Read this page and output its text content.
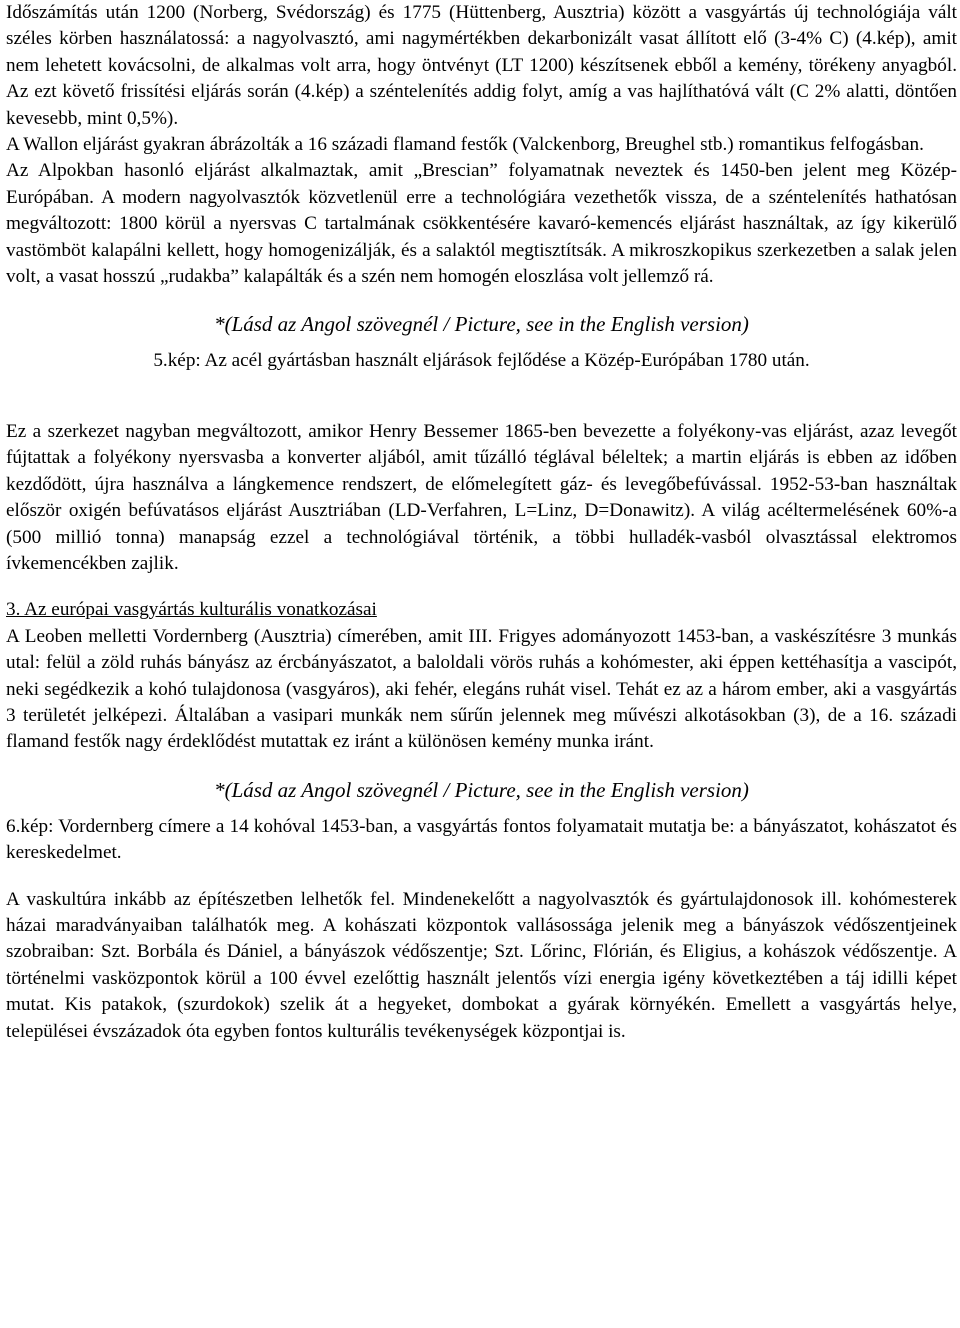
Időszámítás után 1200 (Norberg, Svédország) és 1775 (Hüttenberg, Ausztria) között a vasgyártás új technológiája vált széles körben használatossá: a nagyolvasztó, ami nagymértékben dekarbonizált vasat állított elő (3-4% C) (4.kép), amit nem lehetett kovácsolni, de alkalmas volt arra, hogy öntvényt (LT 1200) készítsenek ebből a kemény, törékeny anyagból. Az ezt követő frissítési eljárás során (4.kép) a széntelenítés addig folyt, amíg a vas hajlíthatóvá vált (C 2% alatti, döntően kevesebb, mint 0,5%).

A Wallon eljárást gyakran ábrázolták a 16 századi flamand festők (Valckenborg, Breughel stb.) romantikus felfogásban.

Az Alpokban hasonló eljárást alkalmaztak, amit „Brescian” folyamatnak neveztek és 1450-ben jelent meg Közép-Európában. A modern nagyolvasztók közvetlenül erre a technológiára vezethetők vissza, de a széntelenítés hathatósan megváltozott: 1800 körül a nyersvas C tartalmának csökkentésére kavaró-kemencés eljárást használtak, az így kikerülő vastömböt kalapálni kellett, hogy homogenizálják, és a salaktól megtisztítsák. A mikroszkopikus szerkezetben a salak jelen volt, a vasat hosszú „rudakba” kalapálták és a szén nem homogén eloszlása volt jellemző rá.

*(Lásd az Angol szövegnél / Picture, see in the English version)

5.kép: Az acél gyártásban használt eljárások fejlődése a Közép-Európában 1780 után.

Ez a szerkezet nagyban megváltozott, amikor Henry Bessemer 1865-ben bevezette a folyékony-vas eljárást, azaz levegőt fújtattak a folyékony nyersvasba a konverter aljából, amit tűzálló téglával béleltek; a martin eljárás is ebben az időben kezdődött, újra használva a lángkemence rendszert, de előmelegített gáz- és levegőbefúvással. 1952-53-ban használtak először oxigén befúvatásos eljárást Ausztriában (LD-Verfahren, L=Linz, D=Donawitz). A világ acéltermelésének 60%-a (500 millió tonna) manapság ezzel a technológiával történik, a többi hulladék-vasból olvasztással elektromos ívkemencékben zajlik.

3. Az európai vasgyártás kulturális vonatkozásai

A Leoben melletti Vordernberg (Ausztria) címerében, amit III. Frigyes adományozott 1453-ban, a vaskészítésre 3 munkás utal: felül a zöld ruhás bányász az ércbányászatot, a baloldali vörös ruhás a kohómester, aki éppen kettéhasítja a vascipót, neki segédkezik a kohó tulajdonosa (vasgyáros), aki fehér, elegáns ruhát visel. Tehát ez az a három ember, aki a vasgyártás 3 területét jelképezi. Általában a vasipari munkák nem sűrűn jelennek meg művészi alkotásokban (3), de a 16. századi flamand festők nagy érdeklődést mutattak ez iránt a különösen kemény munka iránt.

*(Lásd az Angol szövegnél / Picture, see in the English version)

6.kép: Vordernberg címere a 14 kohóval 1453-ban, a vasgyártás fontos folyamatait mutatja be: a bányászatot, kohászatot és kereskedelmet.

A vaskultúra inkább az építészetben lelhetők fel. Mindenekelőtt a nagyolvasztók és gyártulajdonosok ill. kohómesterek házai maradványaiban találhatók meg. A kohászati központok vallásossága jelenik meg a bányászok védőszentjeinek szobraiban: Szt. Borbála és Dániel, a bányászok védőszentje; Szt. Lőrinc, Flórián, és Eligius, a kohászok védőszentje. A történelmi vasközpontok körül a 100 évvel ezelőttig használt jelentős vízi energia igény következtében a táj idilli képet mutat. Kis patakok, (szurdokok) szelik át a hegyeket, dombokat a gyárak környékén. Emellett a vasgyártás helye, települései évszázadok óta egyben fontos kulturális tevékenységek központjai is.
